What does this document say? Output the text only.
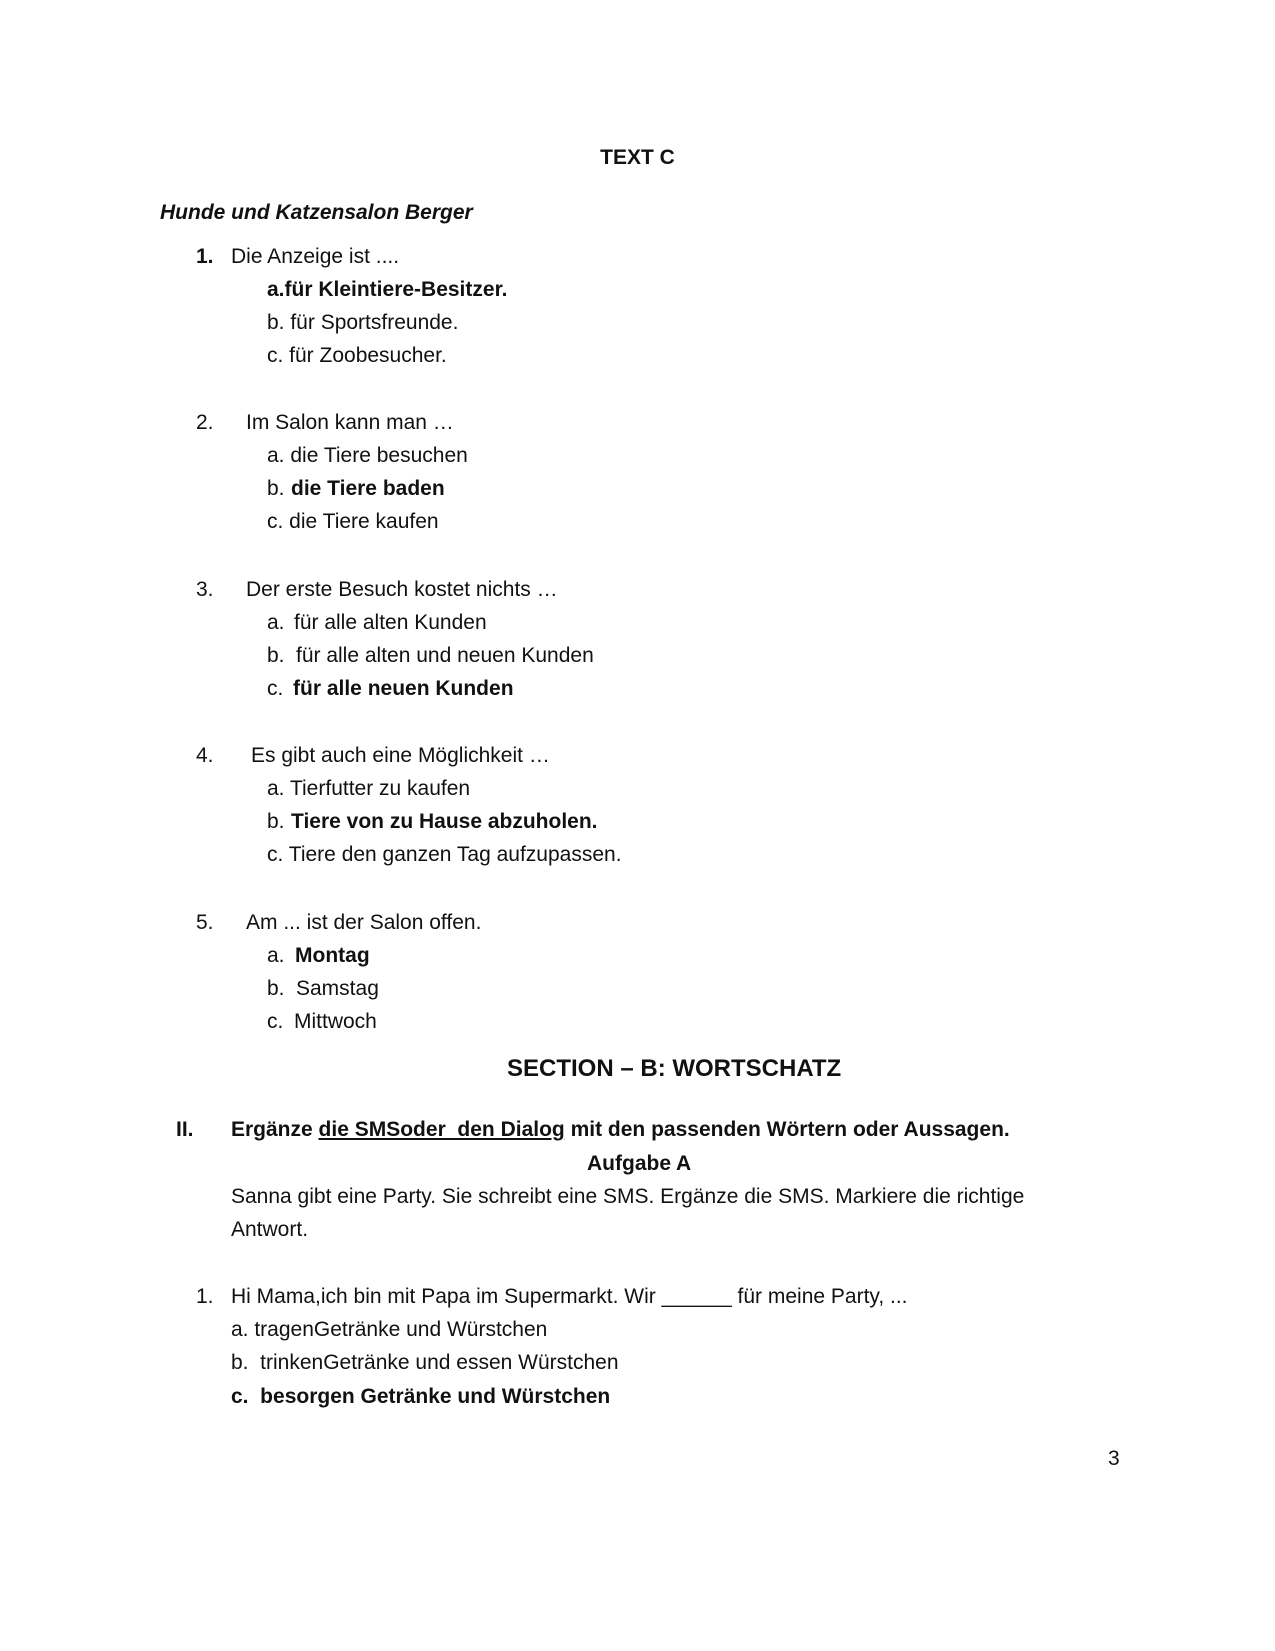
TEXT C
Hunde und Katzensalon Berger
1. Die Anzeige ist ....
a.für Kleintiere-Besitzer.
b. für Sportsfreunde.
c. für Zoobesucher.
2. Im Salon kann man …
a. die Tiere besuchen
b. die Tiere baden
c. die Tiere kaufen
3. Der erste Besuch kostet nichts …
a. für alle alten Kunden
b. für alle alten und neuen Kunden
c. für alle neuen Kunden
4. Es gibt auch eine Möglichkeit …
a. Tierfutter zu kaufen
b. Tiere von zu Hause abzuholen.
c. Tiere den ganzen Tag aufzupassen.
5. Am ... ist der Salon offen.
a. Montag
b. Samstag
c. Mittwoch
SECTION – B: WORTSCHATZ
II. Ergänze die SMSoder  den Dialog mit den passenden Wörtern oder Aussagen.
Aufgabe A
Sanna gibt eine Party. Sie schreibt eine SMS. Ergänze die SMS. Markiere die richtige
Antwort.
1. Hi Mama,ich bin mit Papa im Supermarkt. Wir ______ für meine Party, ...
a. tragenGetränke und Würstchen
b.  trinkenGetränke und essen Würstchen
c.  besorgen Getränke und Würstchen
3
